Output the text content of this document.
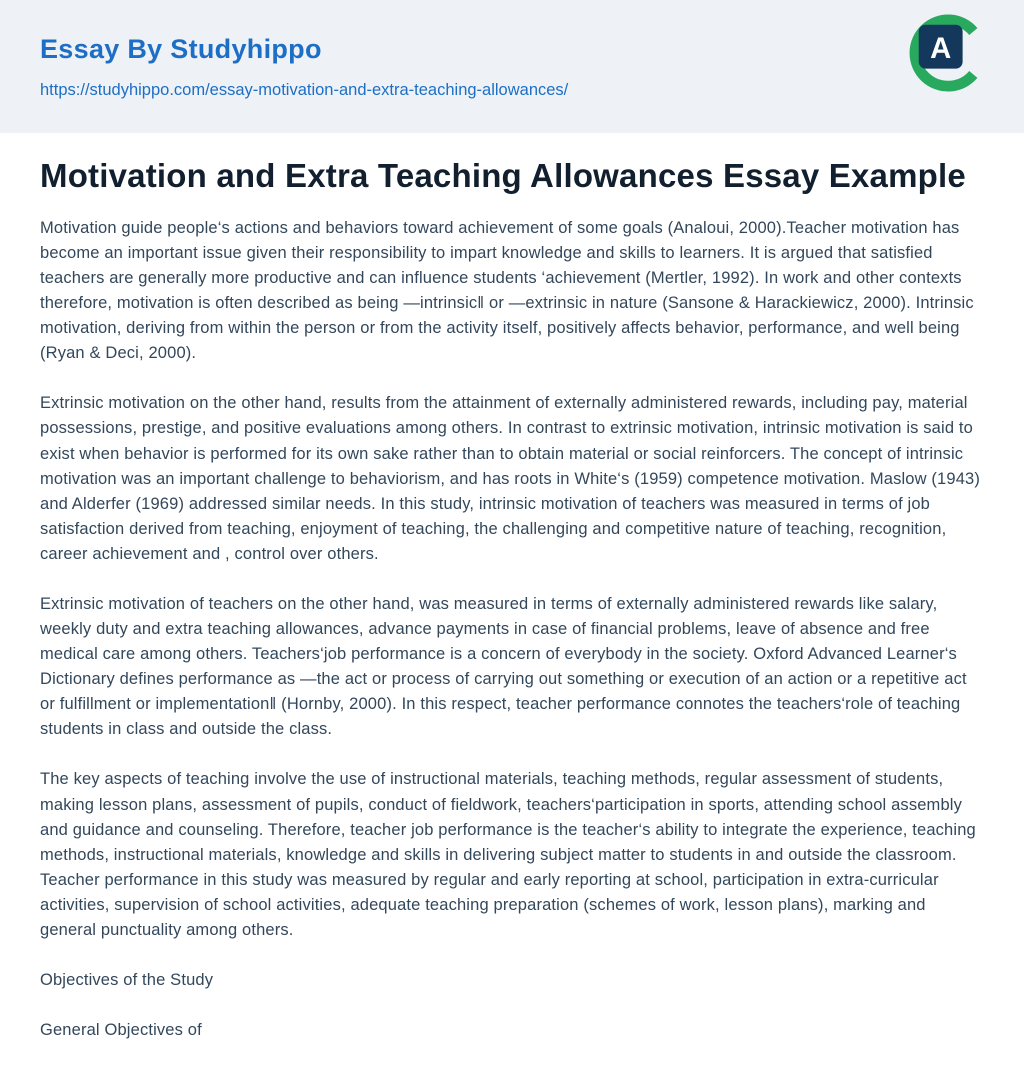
Essay By Studyhippo
https://studyhippo.com/essay-motivation-and-extra-teaching-allowances/
A
Motivation and Extra Teaching Allowances Essay Example

Motivation guide people‘s actions and behaviors toward achievement of some goals (Analoui, 2000).Teacher motivation has become an important issue given their responsibility to impart knowledge and skills to learners. It is argued that satisfied teachers are generally more productive and can influence students ‘achievement (Mertler, 1992). In work and other contexts therefore, motivation is often described as being ―intrinsic‖ or ―extrinsic in nature (Sansone & Harackiewicz, 2000). Intrinsic motivation, deriving from within the person or from the activity itself, positively affects behavior, performance, and well being (Ryan & Deci, 2000).

Extrinsic motivation on the other hand, results from the attainment of externally administered rewards, including pay, material possessions, prestige, and positive evaluations among others. In contrast to extrinsic motivation, intrinsic motivation is said to exist when behavior is performed for its own sake rather than to obtain material or social reinforcers. The concept of intrinsic motivation was an important challenge to behaviorism, and has roots in White‘s (1959) competence motivation. Maslow (1943) and Alderfer (1969) addressed similar needs. In this study, intrinsic motivation of teachers was measured in terms of job satisfaction derived from teaching, enjoyment of teaching, the challenging and competitive nature of teaching, recognition, career achievement and , control over others.

Extrinsic motivation of teachers on the other hand, was measured in terms of externally administered rewards like salary, weekly duty and extra teaching allowances, advance payments in case of financial problems, leave of absence and free medical care among others. Teachers‘job performance is a concern of everybody in the society. Oxford Advanced Learner‘s Dictionary defines performance as ―the act or process of carrying out something or execution of an action or a repetitive act or fulfillment or implementation‖ (Hornby, 2000). In this respect, teacher performance connotes the teachers‘role of teaching students in class and outside the class.

The key aspects of teaching involve the use of instructional materials, teaching methods, regular assessment of students, making lesson plans, assessment of pupils, conduct of fieldwork, teachers‘participation in sports, attending school assembly and guidance and counseling. Therefore, teacher job performance is the teacher‘s ability to integrate the experience, teaching methods, instructional materials, knowledge and skills in delivering subject matter to students in and outside the classroom. Teacher performance in this study was measured by regular and early reporting at school, participation in extra-curricular activities, supervision of school activities, adequate teaching preparation (schemes of work, lesson plans), marking and general punctuality among others.

Objectives of the Study

General Objectives of
